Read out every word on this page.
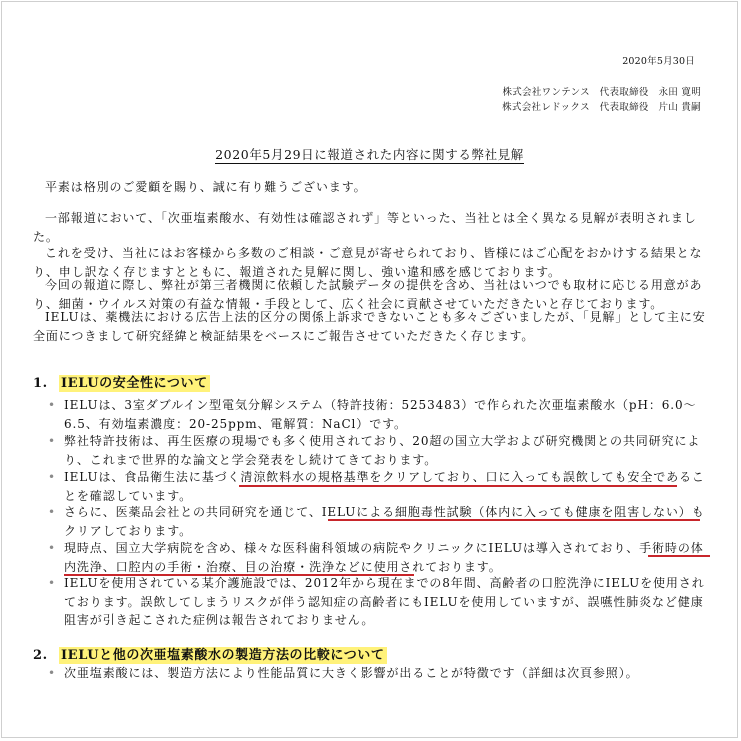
2020年5月30日
株式会社ワンテンス　代表取締役　永田 寛明
株式会社レドックス　代表取締役　片山 貴嗣
2020年5月29日に報道された内容に関する弊社見解

平素は格別のご愛顧を賜り、誠に有り難うございます。

一部報道において、「次亜塩素酸水、有効性は確認されず」等といった、当社とは全く異なる見解が表明されました。

これを受け、当社にはお客様から多数のご相談・ご意見が寄せられており、皆様にはご心配をおかけする結果となり、申し訳なく存じますとともに、報道された見解に関し、強い違和感を感じております。

今回の報道に際し、弊社が第三者機関に依頼した試験データの提供を含め、当社はいつでも取材に応じる用意があり、細菌・ウイルス対策の有益な情報・手段として、広く社会に貢献させていただきたいと存じております。

IELUは、薬機法における広告上法的区分の関係上訴求できないことも多々ございましたが、「見解」として主に安全面につきまして研究経緯と検証結果をベースにご報告させていただきたく存じます。

1. IELUの安全性について
• IELUは、3室ダブルイン型電気分解システム（特許技術：5253483）で作られた次亜塩素酸水（pH：6.0〜6.5、有効塩素濃度：20-25ppm、電解質：NaCl）です。
• 弊社特許技術は、再生医療の現場でも多く使用されており、20超の国立大学および研究機関との共同研究により、これまで世界的な論文と学会発表をし続けてきております。
• IELUは、食品衛生法に基づく清涼飲料水の規格基準をクリアしており、口に入っても誤飲しても安全であることを確認しています。
• さらに、医薬品会社との共同研究を通じて、IELUによる細胞毒性試験（体内に入っても健康を阻害しない）もクリアしております。
• 現時点、国立大学病院を含め、様々な医科歯科領域の病院やクリニックにIELUは導入されており、手術時の体内洗浄、口腔内の手術・治療、目の治療・洗浄などに使用されております。
• IELUを使用されている某介護施設では、2012年から現在までの8年間、高齢者の口腔洗浄にIELUを使用されております。誤飲してしまうリスクが伴う認知症の高齢者にもIELUを使用していますが、誤嚥性肺炎など健康阻害が引き起こされた症例は報告されておりません。
2. IELUと他の次亜塩素酸水の製造方法の比較について
• 次亜塩素酸には、製造方法により性能品質に大きく影響が出ることが特徴です（詳細は次頁参照）。
